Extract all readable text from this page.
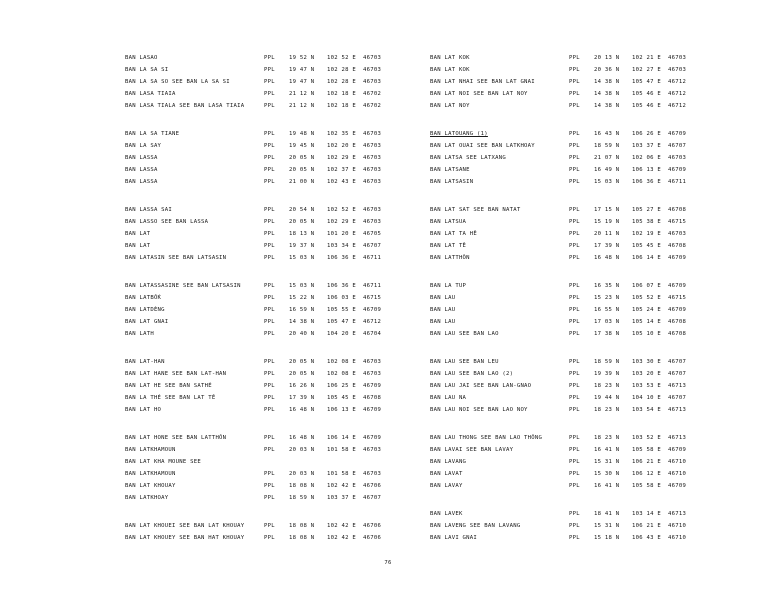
BAN LASAO	PPL	19 52 N 102 52 E 46703
BAN LA SA SI	PPL	19 47 N 102 28 E 46703
BAN LA SA SO SEE BAN LA SA SI	PPL	19 47 N 102 28 E 46703
BAN LASA TIAIA	PPL	21 12 N 102 18 E 46702
BAN LASA TIALA SEE BAN LASA TIAIA	PPL	21 12 N 102 18 E 46702
BAN LA SA TIANE	PPL	19 48 N 102 35 E 46703
BAN LA SAY	PPL	19 45 N 102 20 E 46703
BAN LASSA	PPL	20 05 N 102 29 E 46703
BAN LASSA	PPL	20 05 N 102 37 E 46703
BAN LASSA	PPL	21 00 N 102 43 E 46703
BAN LASSA SAI	PPL	20 54 N 102 52 E 46703
BAN LASSO SEE BAN LASSA	PPL	20 05 N 102 29 E 46703
BAN LAT	PPL	18 13 N 101 20 E 46705
BAN LAT	PPL	19 37 N 103 34 E 46707
BAN LATASIN SEE BAN LATSASIN	PPL	15 03 N 106 36 E 46711
BAN LATASSASINE SEE BAN LATSASIN	PPL	15 03 N 106 36 E 46711
BAN LATBỐK	PPL	15 22 N 106 03 E 46715
BAN LATDÈNG	PPL	16 59 N 105 55 E 46709
BAN LAT GNAI	PPL	14 38 N 105 47 E 46712
BAN LATH	PPL	20 40 N 104 20 E 46704
BAN LAT-HAN	PPL	20 05 N 102 08 E 46703
BAN LAT HANE SEE BAN LAT-HAN	PPL	20 05 N 102 08 E 46703
BAN LAT HE SEE BAN SATHÉ	PPL	16 26 N 106 25 E 46709
BAN LA THÉ SEE BAN LAT TÊ	PPL	17 39 N 105 45 E 46708
BAN LAT HO	PPL	16 48 N 106 13 E 46709
BAN LAT HONE SEE BAN LATTHÔN	PPL	16 48 N 106 14 E 46709
BAN LATKHAMOUN	PPL	20 03 N 101 58 E 46703
BAN LAT KHA MOUNE SEE
BAN LATKHAMOUN	PPL	20 03 N 101 58 E 46703
BAN LAT KHOUAY	PPL	18 08 N 102 42 E 46706
BAN LATKHOAY	PPL	18 59 N 103 37 E 46707
BAN LAT KHOUEI SEE BAN LAT KHOUAY	PPL	18 08 N 102 42 E 46706
BAN LAT KHOUEY SEE BAN HAT KHOUAY	PPL	18 08 N 102 42 E 46706
BAN LAT KOK	PPL	20 13 N 102 21 E 46703
BAN LAT KOK	PPL	20 36 N 102 27 E 46703
BAN LAT NHAI SEE BAN LAT GNAI	PPL	14 38 N 105 47 E 46712
BAN LAT NOI SEE BAN LAT NOY	PPL	14 38 N 105 46 E 46712
BAN LAT NOY	PPL	14 38 N 105 46 E 46712
BAN LATOUANG (1)	PPL	16 43 N 106 26 E 46709
BAN LAT OUAI SEE BAN LATKHOAY	PPL	18 59 N 103 37 E 46707
BAN LATSA SEE LATXANG	PPL	21 07 N 102 06 E 46703
BAN LATSANE	PPL	16 49 N 106 13 E 46709
BAN LATSASIN	PPL	15 03 N 106 36 E 46711
BAN LAT SAT SEE BAN NATAT	PPL	17 15 N 105 27 E 46708
BAN LATSUA	PPL	15 19 N 105 38 E 46715
BAN LAT TA HÊ	PPL	20 11 N 102 19 E 46703
BAN LAT TÊ	PPL	17 39 N 105 45 E 46708
BAN LATTHÔN	PPL	16 48 N 106 14 E 46709
BAN LA TUP	PPL	16 35 N 106 07 E 46709
BAN LAU	PPL	15 23 N 105 52 E 46715
BAN LAU	PPL	16 55 N 105 24 E 46709
BAN LAU	PPL	17 03 N 105 14 E 46708
BAN LAU SEE BAN LAO	PPL	17 38 N 105 10 E 46708
BAN LAU SEE BAN LEU	PPL	18 59 N 103 30 E 46707
BAN LAU SEE BAN LAO (2)	PPL	19 39 N 103 20 E 46707
BAN LAU JAI SEE BAN LAN-GNAO	PPL	18 23 N 103 53 E 46713
BAN LAU NA	PPL	19 44 N 104 10 E 46707
BAN LAU NOI SEE BAN LAO NOY	PPL	18 23 N 103 54 E 46713
BAN LAU THONG SEE BAN LAO THÔNG	PPL	18 23 N 103 52 E 46713
BAN LAVAI SEE BAN LAVAY	PPL	16 41 N 105 58 E 46709
BAN LAVANG	PPL	15 31 N 106 21 E 46710
BAN LAVAT	PPL	15 30 N 106 12 E 46710
BAN LAVAY	PPL	16 41 N 105 58 E 46709
BAN LAVEK	PPL	18 41 N 103 14 E 46713
BAN LAVENG SEE BAN LAVANG	PPL	15 31 N 106 21 E 46710
BAN LAVI GNAI	PPL	15 18 N 106 43 E 46710
76
